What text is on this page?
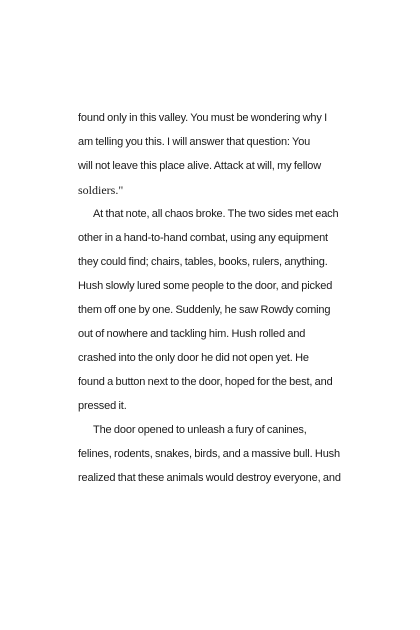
found only in this valley. You must be wondering why I
am telling you this. I will answer that question: You
will not leave this place alive. Attack at will, my fellow
soldiers."
At that note, all chaos broke. The two sides met each
other in a hand-to-hand combat, using any equipment
they could find; chairs, tables, books, rulers, anything.
Hush slowly lured some people to the door, and picked
them off one by one. Suddenly, he saw Rowdy coming
out of nowhere and tackling him. Hush rolled and
crashed into the only door he did not open yet. He
found a button next to the door, hoped for the best, and
pressed it.
The door opened to unleash a fury of canines,
felines, rodents, snakes, birds, and a massive bull. Hush
realized that these animals would destroy everyone, and
